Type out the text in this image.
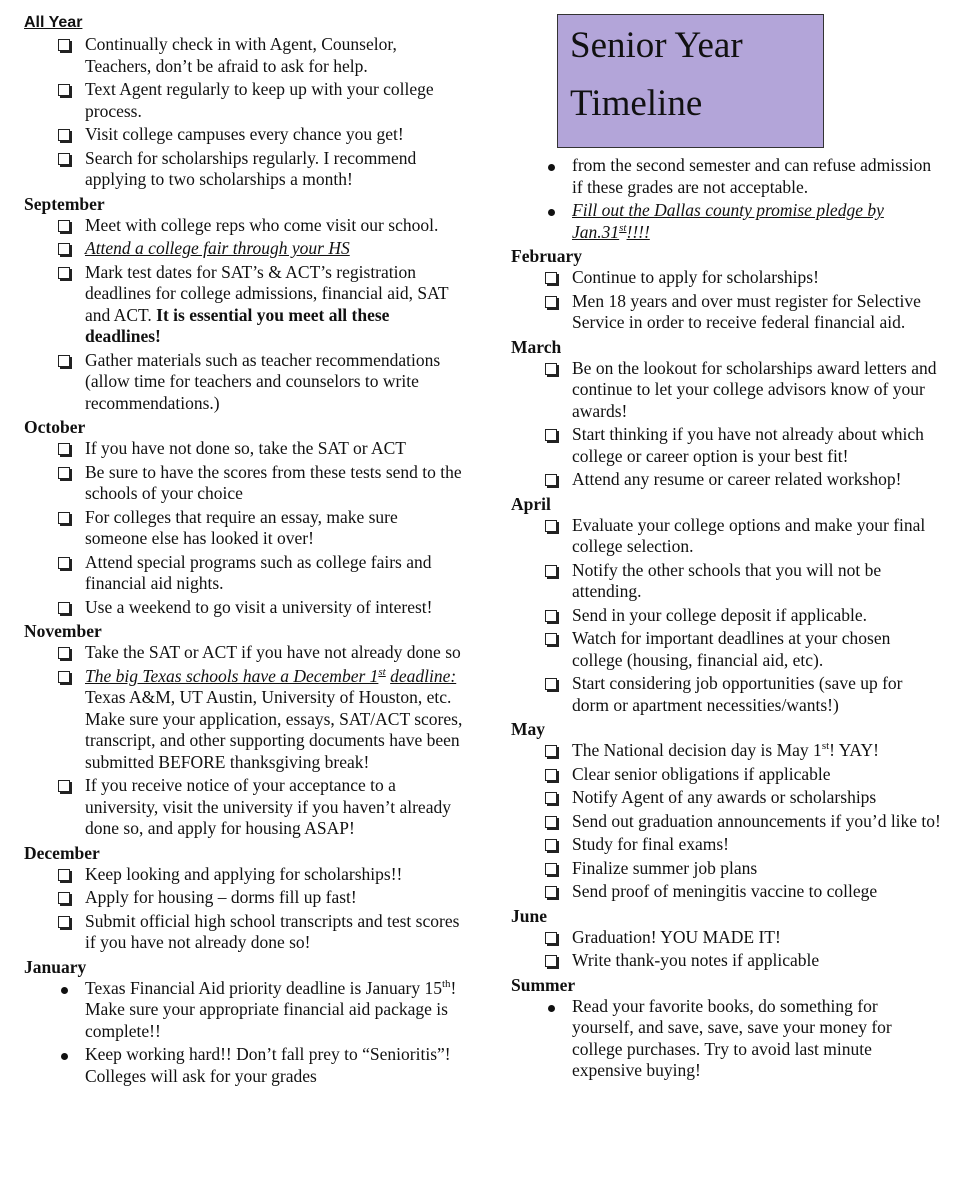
Senior Year
Timeline

All Year

Continually check in with Agent, Counselor, Teachers, don’t be afraid to ask for help.
Text Agent regularly to keep up with your college process.
Visit college campuses every chance you get!
Search for scholarships regularly. I recommend applying to two scholarships a month!

September

Meet with college reps who come visit our school.
Attend a college fair through your HS
Mark test dates for SAT’s & ACT’s registration deadlines for college admissions, financial aid, SAT and ACT. It is essential you meet all these deadlines!
Gather materials such as teacher recommendations (allow time for teachers and counselors to write recommendations.)

October

If you have not done so, take the SAT or ACT
Be sure to have the scores from these tests send to the schools of your choice
For colleges that require an essay, make sure someone else has looked it over!
Attend special programs such as college fairs and financial aid nights.
Use a weekend to go visit a university of interest!

November

Take the SAT or ACT if you have not already done so
The big Texas schools have a December 1st deadline: Texas A&M, UT Austin, University of Houston, etc. Make sure your application, essays, SAT/ACT scores, transcript, and other supporting documents have been submitted BEFORE thanksgiving break!
If you receive notice of your acceptance to a university, visit the university if you haven’t already done so, and apply for housing ASAP!

December

Keep looking and applying for scholarships!!
Apply for housing – dorms fill up fast!
Submit official high school transcripts and test scores if you have not already done so!

January

Texas Financial Aid priority deadline is January 15th! Make sure your appropriate financial aid package is complete!!
Keep working hard!! Don’t fall prey to “Senioritis”! Colleges will ask for your grades
from the second semester and can refuse admission if these grades are not acceptable.
Fill out the Dallas county promise pledge by Jan.31st!!!!

February

Continue to apply for scholarships!
Men 18 years and over must register for Selective Service in order to receive federal financial aid.

March

Be on the lookout for scholarships award letters and continue to let your college advisors know of your awards!
Start thinking if you have not already about which college or career option is your best fit!
Attend any resume or career related workshop!

April

Evaluate your college options and make your final college selection.
Notify the other schools that you will not be attending.
Send in your college deposit if applicable.
Watch for important deadlines at your chosen college (housing, financial aid, etc).
Start considering job opportunities (save up for dorm or apartment necessities/wants!)

May

The National decision day is May 1st! YAY!
Clear senior obligations if applicable
Notify Agent of any awards or scholarships
Send out graduation announcements if you’d like to!
Study for final exams!
Finalize summer job plans
Send proof of meningitis vaccine to college

June

Graduation! YOU MADE IT!
Write thank-you notes if applicable

Summer

Read your favorite books, do something for yourself, and save, save, save your money for college purchases. Try to avoid last minute expensive buying!
